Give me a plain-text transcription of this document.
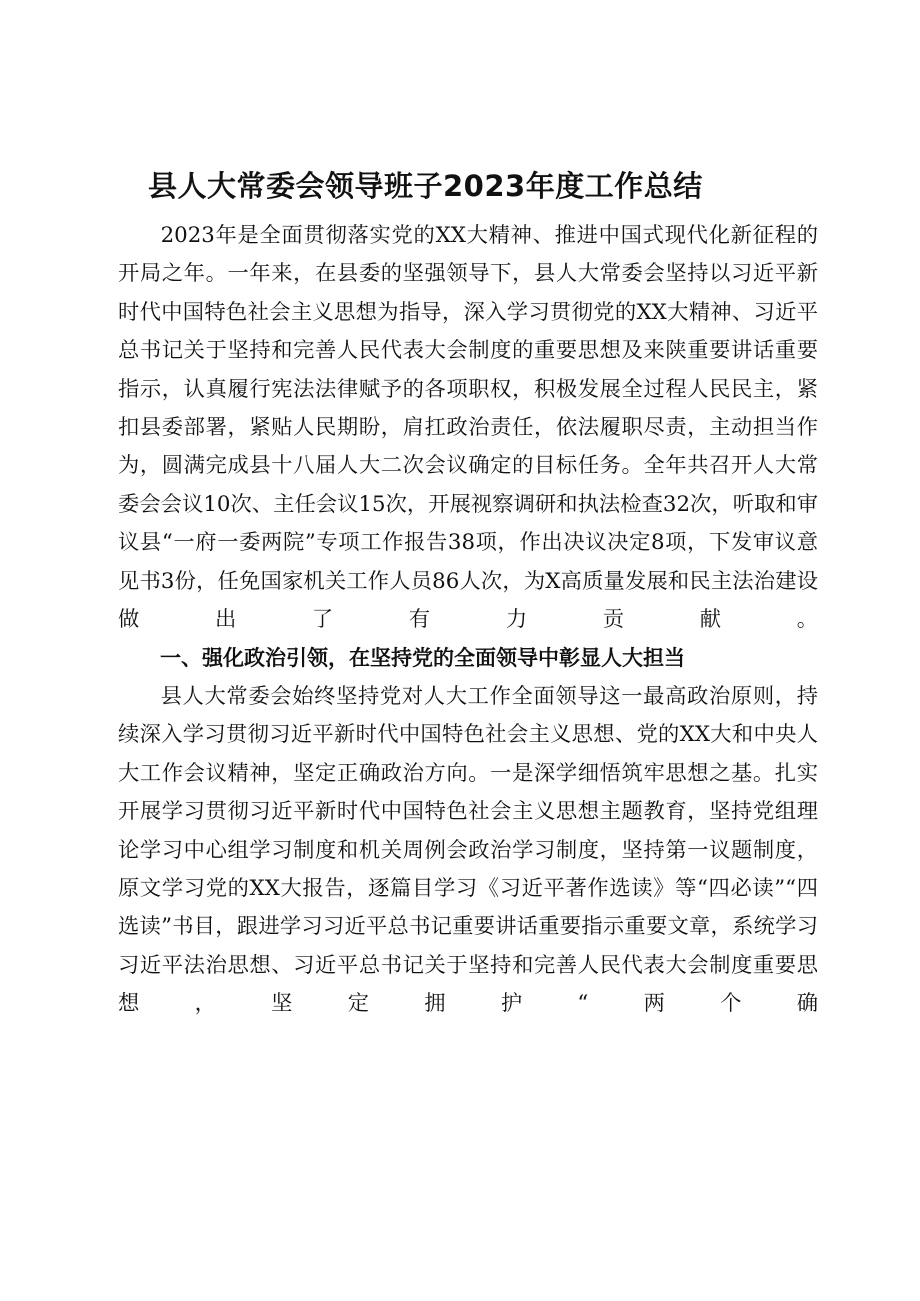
县人大常委会领导班子2023年度工作总结

2023年是全面贯彻落实党的XX大精神、推进中国式现代化新征程的开局之年。一年来，在县委的坚强领导下，县人大常委会坚持以习近平新时代中国特色社会主义思想为指导，深入学习贯彻党的XX大精神、习近平总书记关于坚持和完善人民代表大会制度的重要思想及来陕重要讲话重要指示，认真履行宪法法律赋予的各项职权，积极发展全过程人民民主，紧扣县委部署，紧贴人民期盼，肩扛政治责任，依法履职尽责，主动担当作为，圆满完成县十八届人大二次会议确定的目标任务。全年共召开人大常委会会议10次、主任会议15次，开展视察调研和执法检查32次，听取和审议县“一府一委两院”专项工作报告38项，作出决议决定8项，下发审议意见书3份，任免国家机关工作人员86人次，为X高质量发展和民主法治建设做出了有力贡献。

一、强化政治引领，在坚持党的全面领导中彰显人大担当

县人大常委会始终坚持党对人大工作全面领导这一最高政治原则，持续深入学习贯彻习近平新时代中国特色社会主义思想、党的XX大和中央人大工作会议精神，坚定正确政治方向。一是深学细悟筑牢思想之基。扎实开展学习贯彻习近平新时代中国特色社会主义思想主题教育，坚持党组理论学习中心组学习制度和机关周例会政治学习制度，坚持第一议题制度，原文学习党的XX大报告，逐篇目学习《习近平著作选读》等“四必读”“四选读”书目，跟进学习习近平总书记重要讲话重要指示重要文章，系统学习习近平法治思想、习近平总书记关于坚持和完善人民代表大会制度重要思想，坚定拥护“两个确
